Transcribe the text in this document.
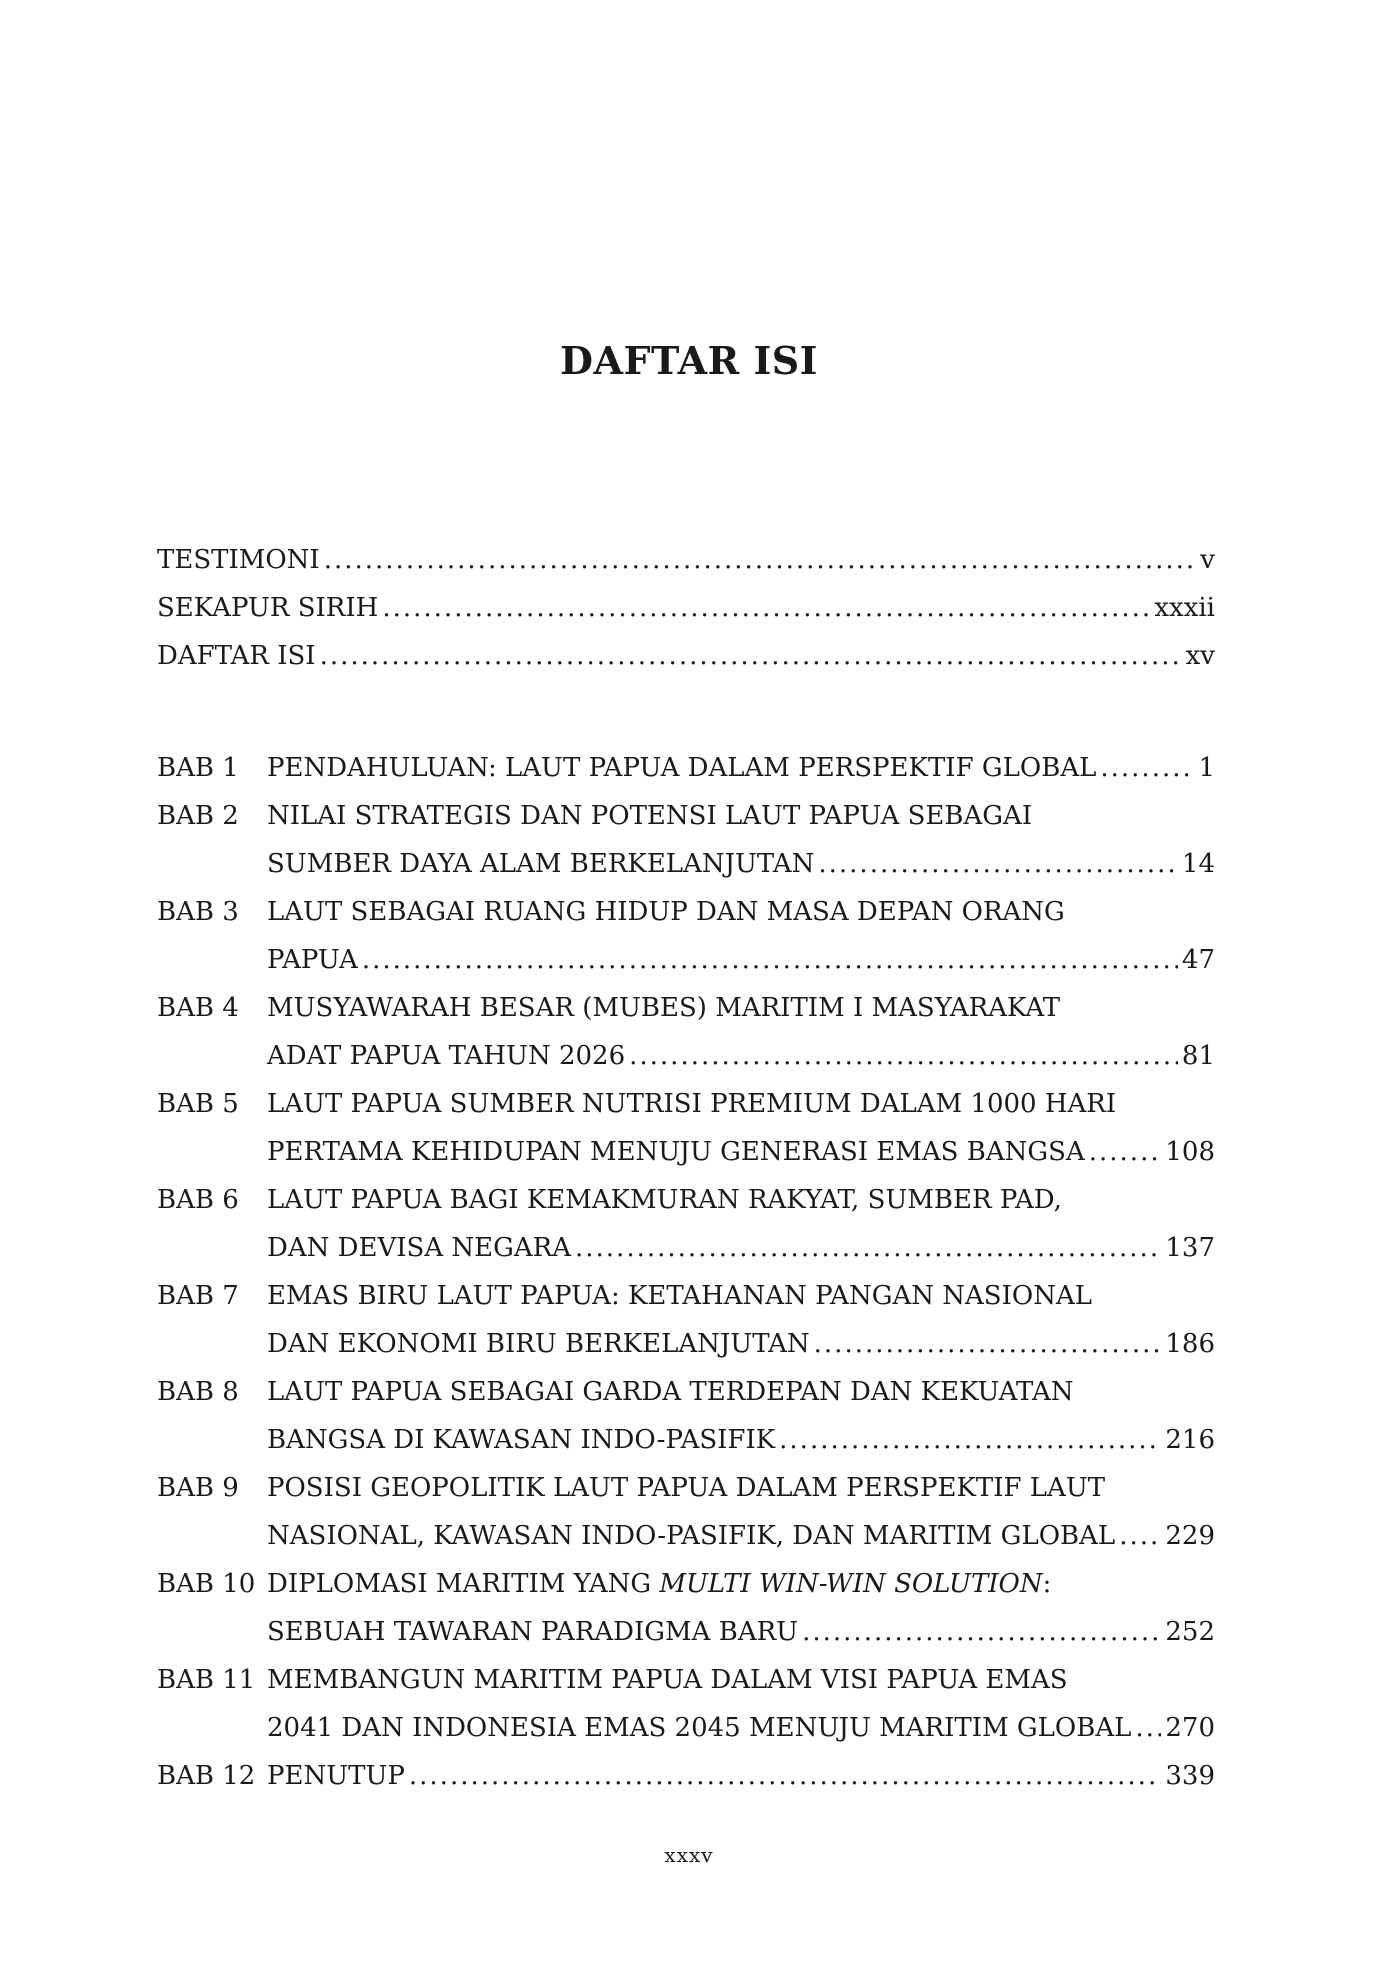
DAFTAR ISI
TESTIMONI .....	v
SEKAPUR SIRIH .....	xxxii
DAFTAR ISI .....	xv
BAB 1	PENDAHULUAN: LAUT PAPUA DALAM PERSPEKTIF GLOBAL .....	1
BAB 2	NILAI STRATEGIS DAN POTENSI LAUT PAPUA SEBAGAI
SUMBER DAYA ALAM BERKELANJUTAN .....	14
BAB 3	LAUT SEBAGAI RUANG HIDUP DAN MASA DEPAN ORANG
PAPUA .....	47
BAB 4	MUSYAWARAH BESAR (MUBES) MARITIM I MASYARAKAT
ADAT PAPUA TAHUN 2026 .....	81
BAB 5	LAUT PAPUA SUMBER NUTRISI PREMIUM DALAM 1000 HARI
PERTAMA KEHIDUPAN MENUJU GENERASI EMAS BANGSA .....	108
BAB 6	LAUT PAPUA BAGI KEMAKMURAN RAKYAT, SUMBER PAD,
DAN DEVISA NEGARA .....	137
BAB 7	EMAS BIRU LAUT PAPUA: KETAHANAN PANGAN NASIONAL
DAN EKONOMI BIRU BERKELANJUTAN .....	186
BAB 8	LAUT PAPUA SEBAGAI GARDA TERDEPAN DAN KEKUATAN
BANGSA DI KAWASAN INDO-PASIFIK .....	216
BAB 9	POSISI GEOPOLITIK LAUT PAPUA DALAM PERSPEKTIF LAUT
NASIONAL, KAWASAN INDO-PASIFIK, DAN MARITIM GLOBAL ..... 229
BAB 10 DIPLOMASI MARITIM YANG MULTI WIN-WIN SOLUTION:
SEBUAH TAWARAN PARADIGMA BARU .....	252
BAB 11 MEMBANGUN MARITIM PAPUA DALAM VISI PAPUA EMAS
2041 DAN INDONESIA EMAS 2045 MENUJU MARITIM GLOBAL ..... 270
BAB 12 PENUTUP .....	339
xxxv
